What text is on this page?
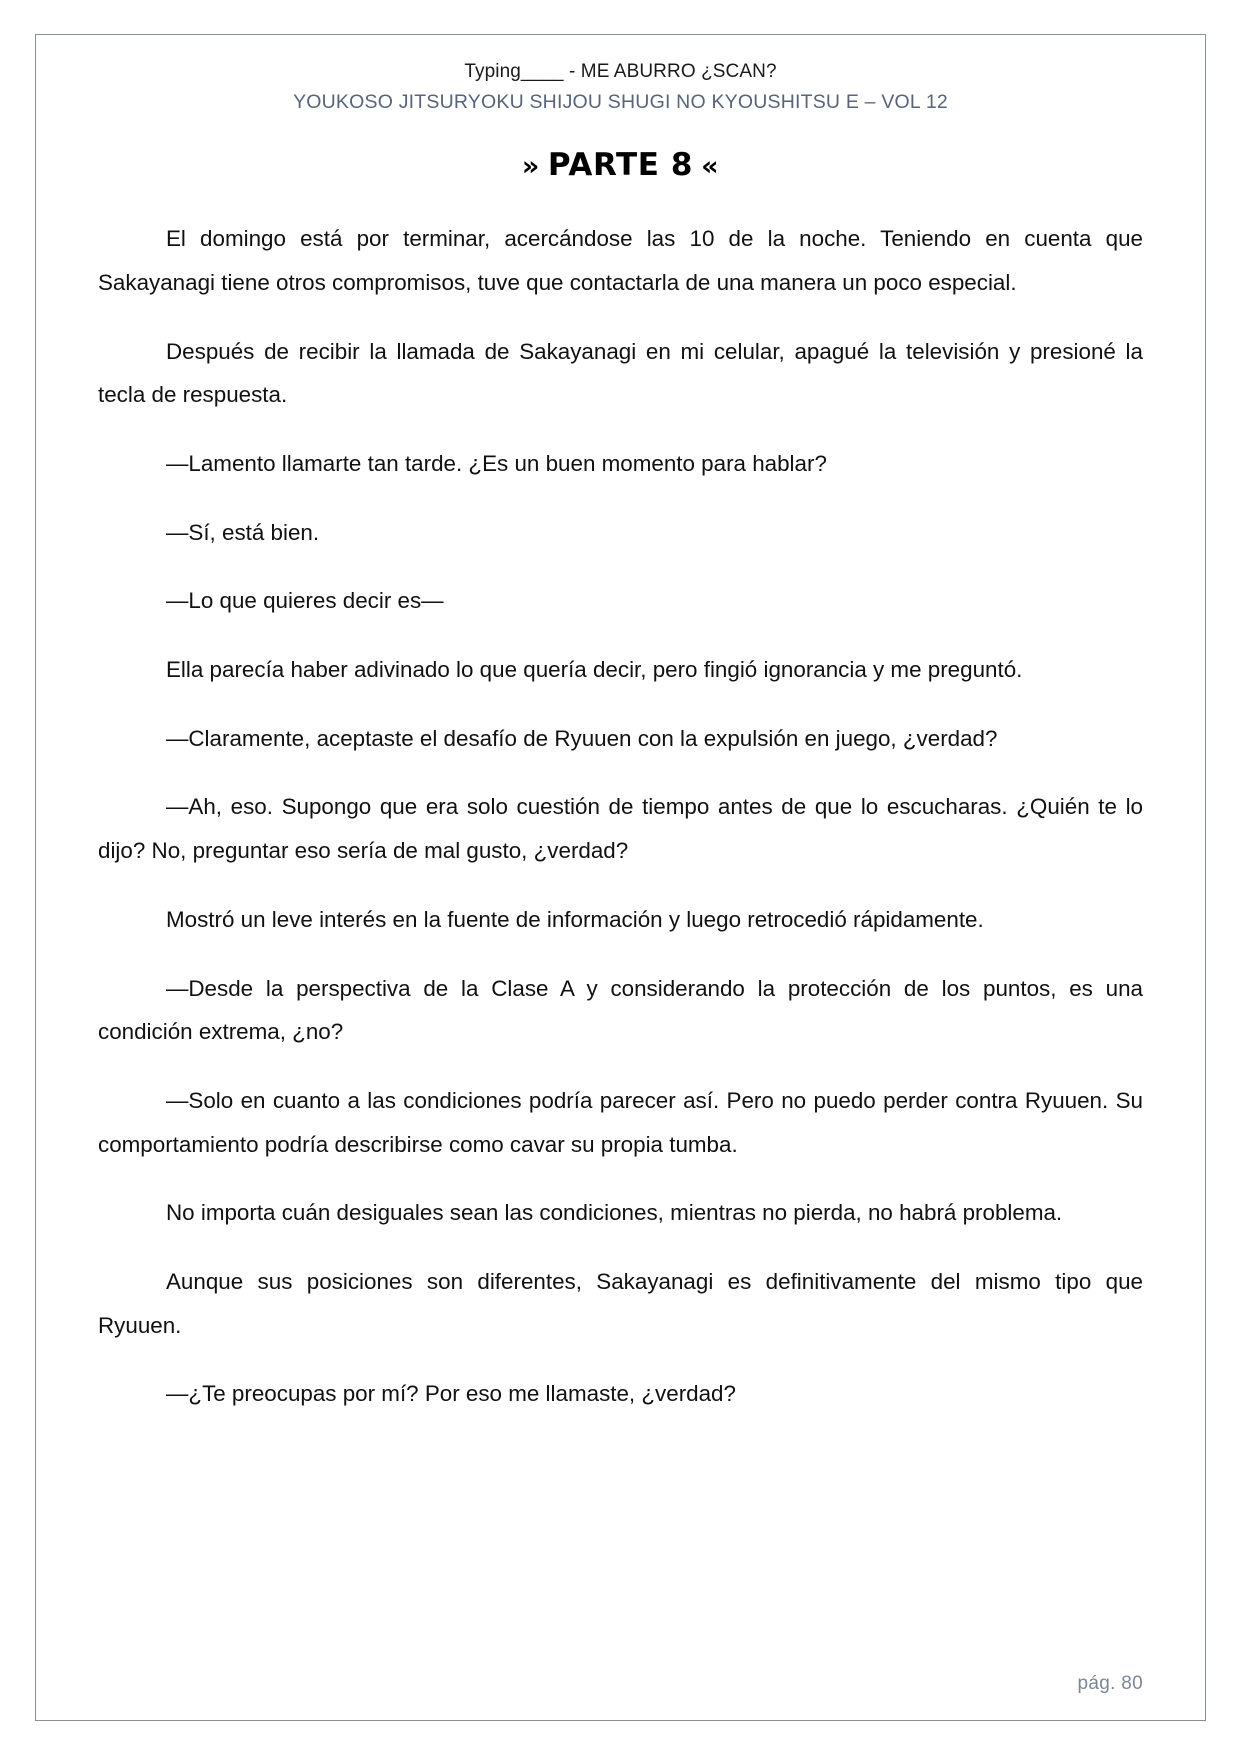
Typing____ - ME ABURRO ¿SCAN?
YOUKOSO JITSURYOKU SHIJOU SHUGI NO KYOUSHITSU E – VOL 12
» PARTE 8 «

El domingo está por terminar, acercándose las 10 de la noche. Teniendo en cuenta que Sakayanagi tiene otros compromisos, tuve que contactarla de una manera un poco especial.

Después de recibir la llamada de Sakayanagi en mi celular, apagué la televisión y presioné la tecla de respuesta.

—Lamento llamarte tan tarde. ¿Es un buen momento para hablar?

—Sí, está bien.

—Lo que quieres decir es—

Ella parecía haber adivinado lo que quería decir, pero fingió ignorancia y me preguntó.

—Claramente, aceptaste el desafío de Ryuuen con la expulsión en juego, ¿verdad?

—Ah, eso. Supongo que era solo cuestión de tiempo antes de que lo escucharas. ¿Quién te lo dijo? No, preguntar eso sería de mal gusto, ¿verdad?

Mostró un leve interés en la fuente de información y luego retrocedió rápidamente.

—Desde la perspectiva de la Clase A y considerando la protección de los puntos, es una condición extrema, ¿no?

—Solo en cuanto a las condiciones podría parecer así. Pero no puedo perder contra Ryuuen. Su comportamiento podría describirse como cavar su propia tumba.

No importa cuán desiguales sean las condiciones, mientras no pierda, no habrá problema.

Aunque sus posiciones son diferentes, Sakayanagi es definitivamente del mismo tipo que Ryuuen.

—¿Te preocupas por mí? Por eso me llamaste, ¿verdad?

pág. 80
